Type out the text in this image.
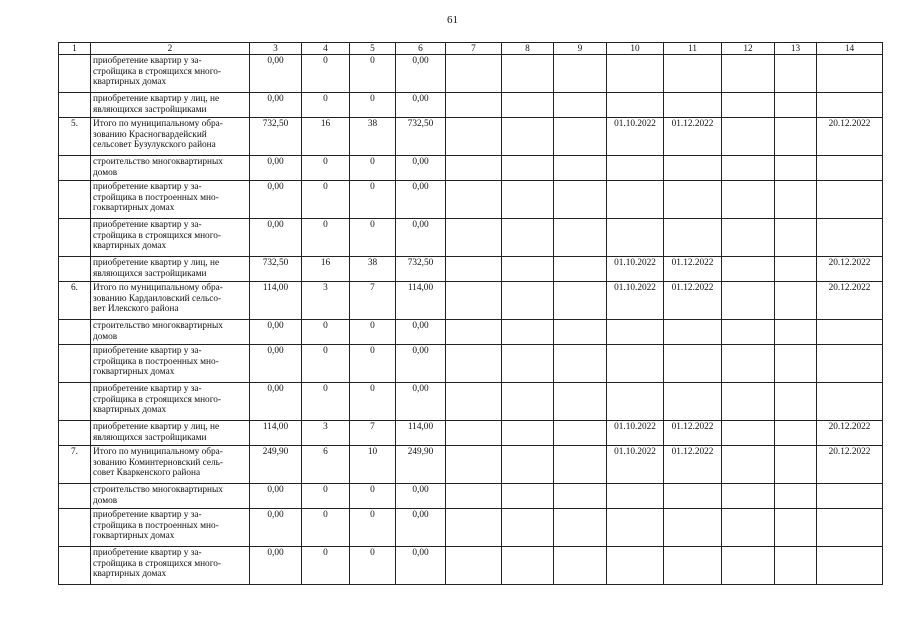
61
1	2	3	4	5	6	7	8	9	10	11	12	13	14

	приобретение квартир у за-
стройщика в строящихся много-
квартирных домах	0,00	0	0	0,00								

	приобретение квартир у лиц, не
являющихся застройщиками	0,00	0	0	0,00								
5.	Итого по муниципальному обра-
зованию Красногвардейский
сельсовет Бузулукского района	732,50	16	38	732,50				01.10.2022	01.12.2022			20.12.2022

	строительство многоквартирных
домов	0,00	0	0	0,00								

	приобретение квартир у за-
стройщика в построенных мно-
гоквартирных домах	0,00	0	0	0,00								

	приобретение квартир у за-
стройщика в строящихся много-
квартирных домах	0,00	0	0	0,00								

	приобретение квартир у лиц, не
являющихся застройщиками	732,50	16	38	732,50				01.10.2022	01.12.2022			20.12.2022
6.	Итого по муниципальному обра-
зованию Кардаиловский сельсо-
вет Илекского района	114,00	3	7	114,00				01.10.2022	01.12.2022			20.12.2022

	строительство многоквартирных
домов	0,00	0	0	0,00								

	приобретение квартир у за-
стройщика в построенных мно-
гоквартирных домах	0,00	0	0	0,00								

	приобретение квартир у за-
стройщика в строящихся много-
квартирных домах	0,00	0	0	0,00								

	приобретение квартир у лиц, не
являющихся застройщиками	114,00	3	7	114,00				01.10.2022	01.12.2022			20.12.2022
7.	Итого по муниципальному обра-
зованию Коминтерновский сель-
совет Кваркенского района	249,90	6	10	249,90				01.10.2022	01.12.2022			20.12.2022

	строительство многоквартирных
домов	0,00	0	0	0,00								

	приобретение квартир у за-
стройщика в построенных мно-
гоквартирных домах	0,00	0	0	0,00								

	приобретение квартир у за-
стройщика в строящихся много-
квартирных домах	0,00	0	0	0,00								
